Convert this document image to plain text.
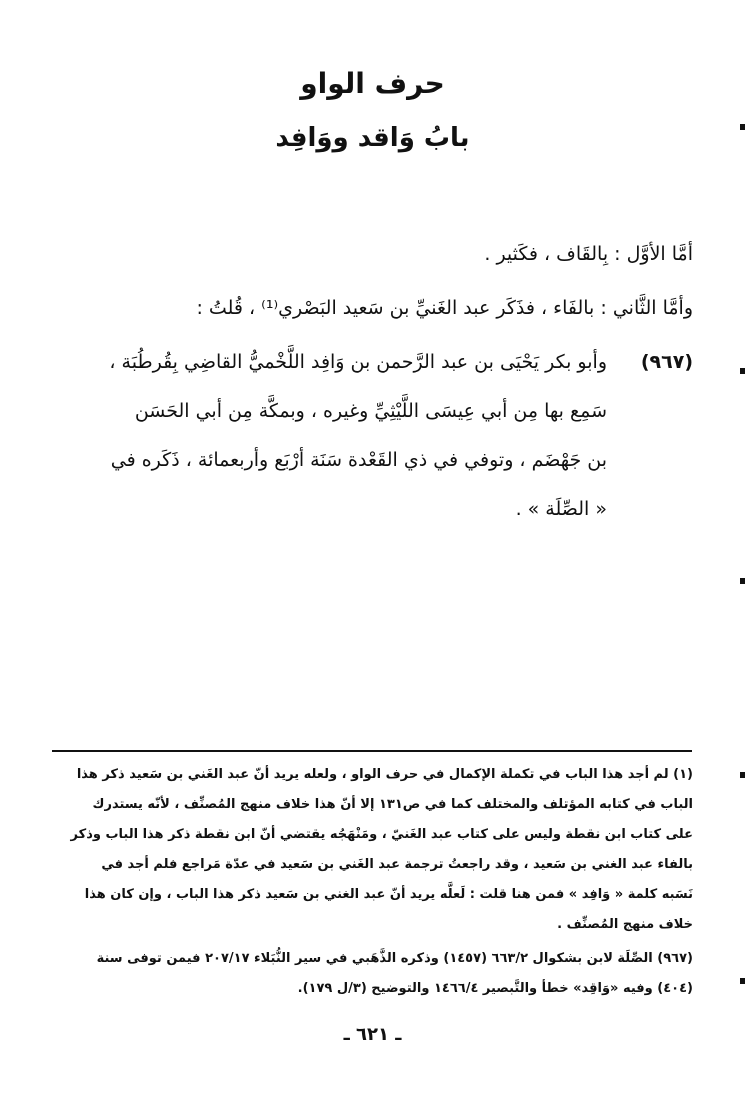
حرف الواو
بابُ وَاقد ووَافِد
أمَّا الأوَّل : بِالقَاف ، فكَثير .
وأمَّا الثَّاني : بالفَاء ، فذَكَر عبد الغَنيِّ بن سَعيد البَصْري⁽¹⁾ ، قُلتُ :
(٩٦٧)
وأبو بكر يَحْيَى بن عبد الرَّحمن بن وَافِد اللَّخْميُّ القاضِي بِقُرطُبَة ،
سَمِع بها مِن أبي عِيسَى اللَّيْثِيِّ وغيره ، وبمكَّة مِن أبي الحَسَن
بن جَهْضَم ، وتوفي في ذي القَعْدة سَنَة أرْبَع وأربعمائة ، ذَكَره في
« الصِّلَة » .
(١) لم أجد هذا الباب في تكملة الإكمال في حرف الواو ، ولعله يريد أنّ عبد الغَني بن سَعيد ذكر هذا
الباب في كتابه المؤتلف والمختلف كما في ص١٣١ إلا أنّ هذا خلاف منهج المُصنِّف ، لأنّه يستدرك
على كتاب ابن نقطة وليس على كتاب عبد الغَنيّ ، ومَنْهَجُه يقتضي أنّ ابن نقطة ذكر هذا الباب وذكر
بالفاء عبد الغني بن سَعيد ، وقد راجعتُ ترجمة عبد الغَني بن سَعيد في عدّة مَراجع فلم أجد في
نَسَبه كلمة « وَافِد » فمن هنا قلت : لَعلَّه يريد أنّ عبد الغني بن سَعيد ذكر هذا الباب ، وإن كان هذا
خلاف منهج المُصنِّف .
(٩٦٧) الصِّلَة لابن بشكوال ٦٦٣/٢ (١٤٥٧) وذكره الذَّهَبي في سير النُّبَلاء ٢٠٧/١٧ فيمن توفى سنة
(٤٠٤) وفيه «وَاقِد» خطأ والتَّبصير ١٤٦٦/٤ والتوضيح (٣/ل ١٧٩).
ـ ٦٢١ ـ
